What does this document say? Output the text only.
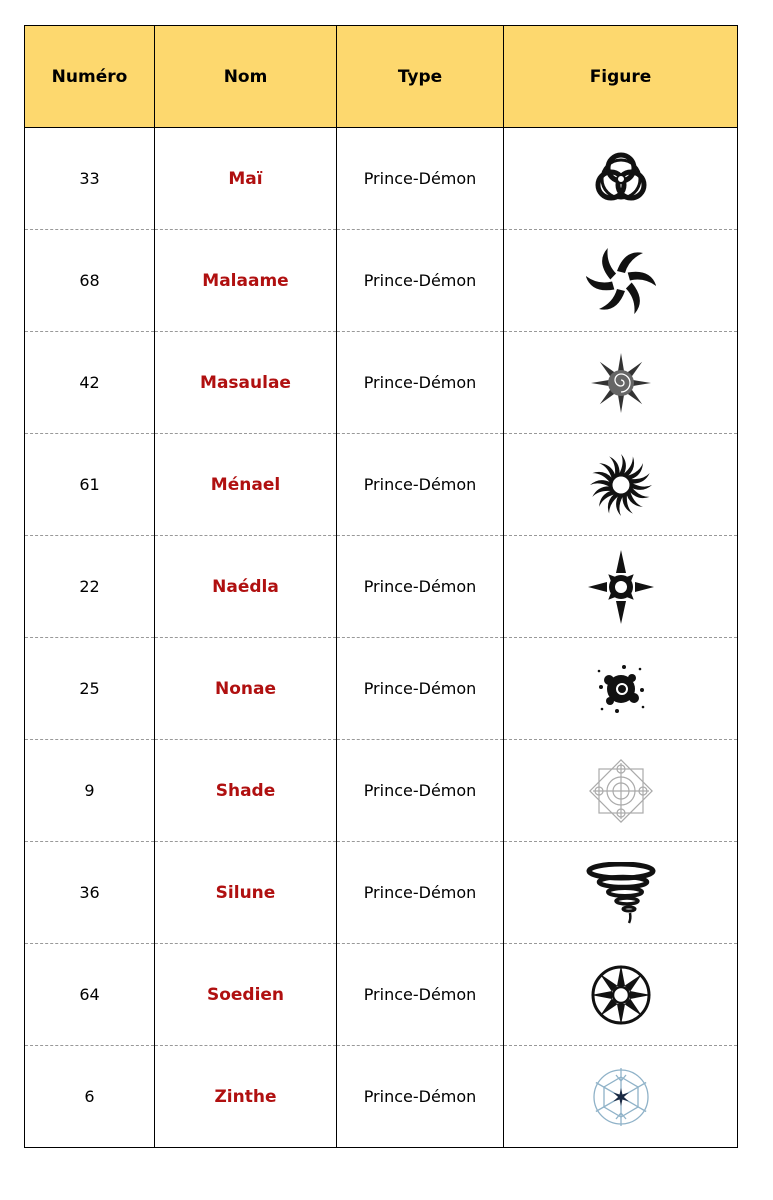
Numéro	Nom	Type	Figure
33	Maï	Prince-Démon	

68	Malaame	Prince-Démon	

42	Masaulae	Prince-Démon	

61	Ménael	Prince-Démon	

22	Naédla	Prince-Démon	

25	Nonae	Prince-Démon	

9	Shade	Prince-Démon	

36	Silune	Prince-Démon	

64	Soedien	Prince-Démon	

6	Zinthe	Prince-Démon	
